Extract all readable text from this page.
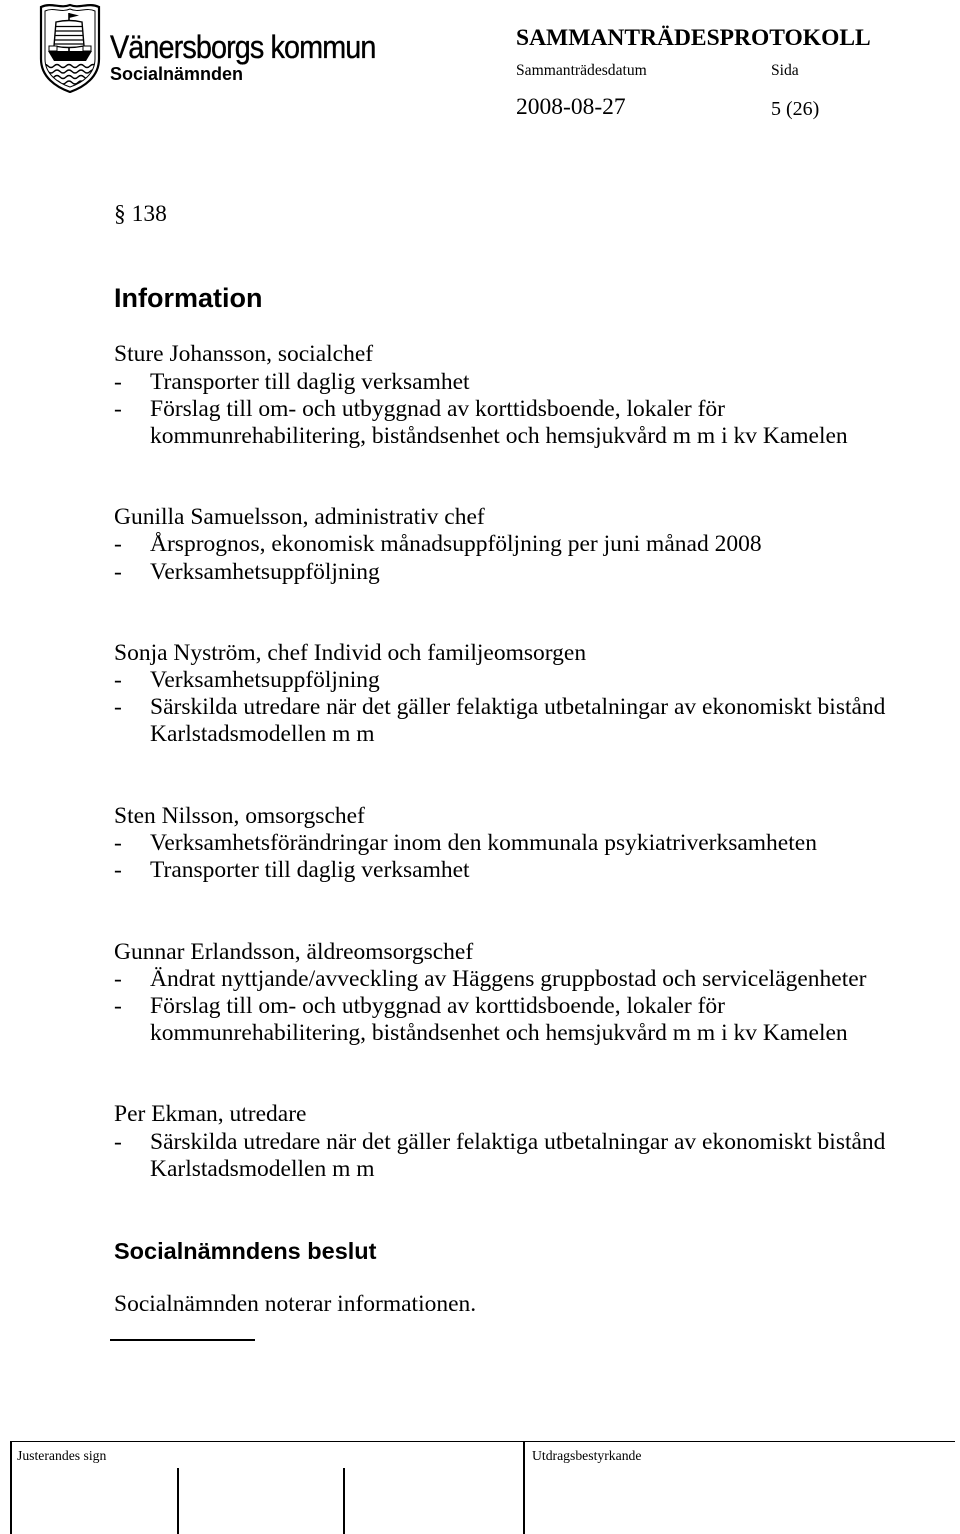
Vänersborgs kommun
Socialnämnden
SAMMANTRÄDESPROTOKOLL
Sammanträdesdatum	Sida
2008-08-27	5 (26)
§ 138
Information
Sture Johansson, socialchef
- Transporter till daglig verksamhet
- Förslag till om- och utbyggnad av korttidsboende, lokaler för
kommunrehabilitering, biståndsenhet och hemsjukvård m m i kv Kamelen
Gunilla Samuelsson, administrativ chef
- Årsprognos, ekonomisk månadsuppföljning per juni månad 2008
- Verksamhetsuppföljning
Sonja Nyström, chef Individ och familjeomsorgen
- Verksamhetsuppföljning
- Särskilda utredare när det gäller felaktiga utbetalningar av ekonomiskt bistånd
Karlstadsmodellen m m
Sten Nilsson, omsorgschef
- Verksamhetsförändringar inom den kommunala psykiatriverksamheten
- Transporter till daglig verksamhet
Gunnar Erlandsson, äldreomsorgschef
- Ändrat nyttjande/avveckling av Häggens gruppbostad och servicelägenheter
- Förslag till om- och utbyggnad av korttidsboende, lokaler för
kommunrehabilitering, biståndsenhet och hemsjukvård m m i kv Kamelen
Per Ekman, utredare
- Särskilda utredare när det gäller felaktiga utbetalningar av ekonomiskt bistånd
Karlstadsmodellen m m
Socialnämndens beslut
Socialnämnden noterar informationen.
Justerandes sign	Utdragsbestyrkande
